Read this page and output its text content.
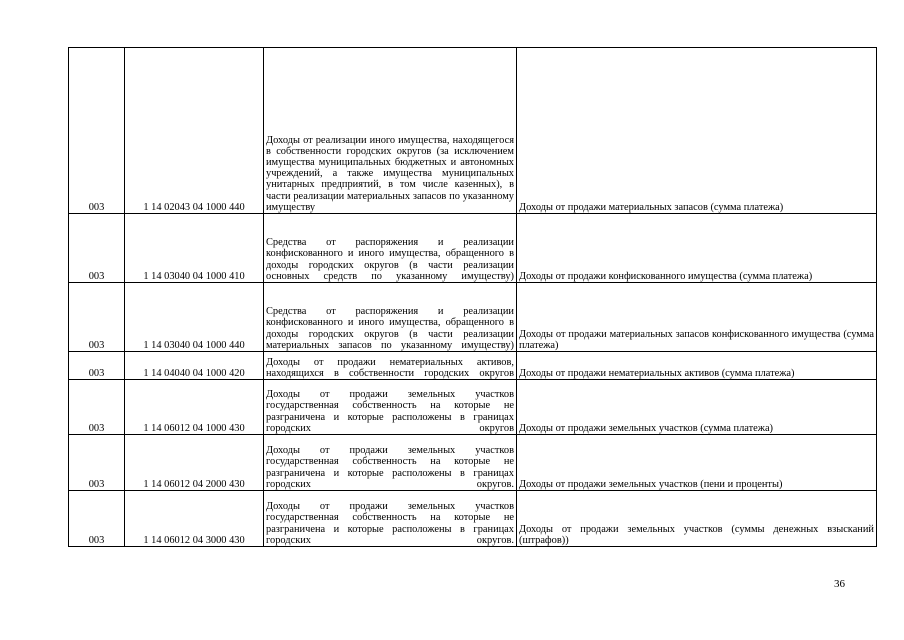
003	1 14 02043 04 1000 440	Доходы от реализации иного имущества, находящегося в собственности городских округов (за исключением имущества муниципальных бюджетных и автономных учреждений, а также имущества муниципальных унитарных предприятий, в том числе казенных), в части реализации материальных запасов по указанному имуществу	Доходы от продажи материальных запасов (сумма платежа)
003	1 14 03040 04 1000 410	Средства от распоряжения и реализации конфискованного и иного имущества, обращенного в доходы городских округов (в части реализации основных средств по указанному имуществу)	Доходы от продажи конфискованного имущества (сумма платежа)
003	1 14 03040 04 1000 440	Средства от распоряжения и реализации конфискованного и иного имущества, обращенного в доходы городских округов (в части реализации материальных запасов по указанному имуществу)	Доходы от продажи материальных запасов конфискованного имущества (сумма платежа)
003	1 14 04040 04 1000 420	Доходы от продажи нематериальных активов, находящихся в собственности городских округов	Доходы от продажи нематериальных активов (сумма платежа)
003	1 14 06012 04 1000 430	Доходы от продажи земельных участков государственная собственность на которые не разграничена и которые расположены в границах городских округов	Доходы от продажи земельных участков (сумма платежа)
003	1 14 06012 04 2000 430	Доходы от продажи земельных участков государственная собственность на которые не разграничена и которые расположены в границах городских округов.	Доходы от продажи земельных участков (пени и проценты)
003	1 14 06012 04 3000 430	Доходы от продажи земельных участков государственная собственность на которые не разграничена и которые расположены в границах городских округов.	Доходы от продажи земельных участков (суммы денежных взысканий (штрафов))
36
